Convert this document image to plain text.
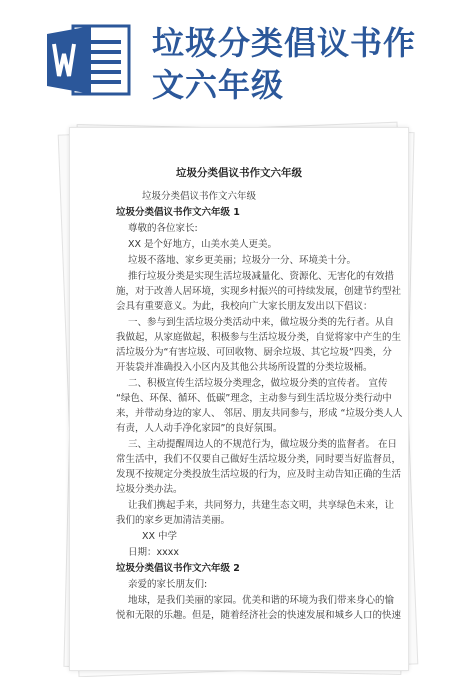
垃圾分类倡议书作
文六年级
垃圾分类倡议书作文六年级
垃圾分类倡议书作文六年级
垃圾分类倡议书作文六年级 1
尊敬的各位家长:
XX 是个好地方，山美水美人更美。
垃圾不落地、家乡更美丽；垃圾分一分、环境美十分。
推行垃圾分类是实现生活垃圾减量化、资源化、无害化的有效措
施，对于改善人居环境，实现乡村振兴的可持续发展，创建节约型社
会具有重要意义。为此，我校向广大家长朋友发出以下倡议：
一、参与到生活垃圾分类活动中来，做垃圾分类的先行者。从自
我做起，从家庭做起，积极参与生活垃圾分类，自觉将家中产生的生
活垃圾分为“有害垃圾、可回收物、厨余垃圾、其它垃圾”四类，分
开装袋并准确投入小区内及其他公共场所设置的分类垃圾桶。
二、积极宣传生活垃圾分类理念，做垃圾分类的宣传者。 宣传
“绿色、环保、循环、低碳”理念，主动参与到生活垃圾分类行动中
来，并带动身边的家人、 邻居、朋友共同参与，形成 “垃圾分类人人
有责，人人动手净化家园”的良好氛围。
三、主动提醒周边人的不规范行为，做垃圾分类的监督者。 在日
常生活中，我们不仅要自己做好生活垃圾分类，同时要当好监督员，
发现不按规定分类投放生活垃圾的行为，应及时主动告知正确的生活
垃圾分类办法。
让我们携起手来，共同努力，共建生态文明，共享绿色未来，让
我们的家乡更加清洁美丽。
XX 中学
日期：xxxx
垃圾分类倡议书作文六年级 2
亲爱的家长朋友们:
地球，是我们美丽的家园。优美和谐的环境为我们带来身心的愉
悦和无限的乐趣。但是，随着经济社会的快速发展和城乡人口的快速
